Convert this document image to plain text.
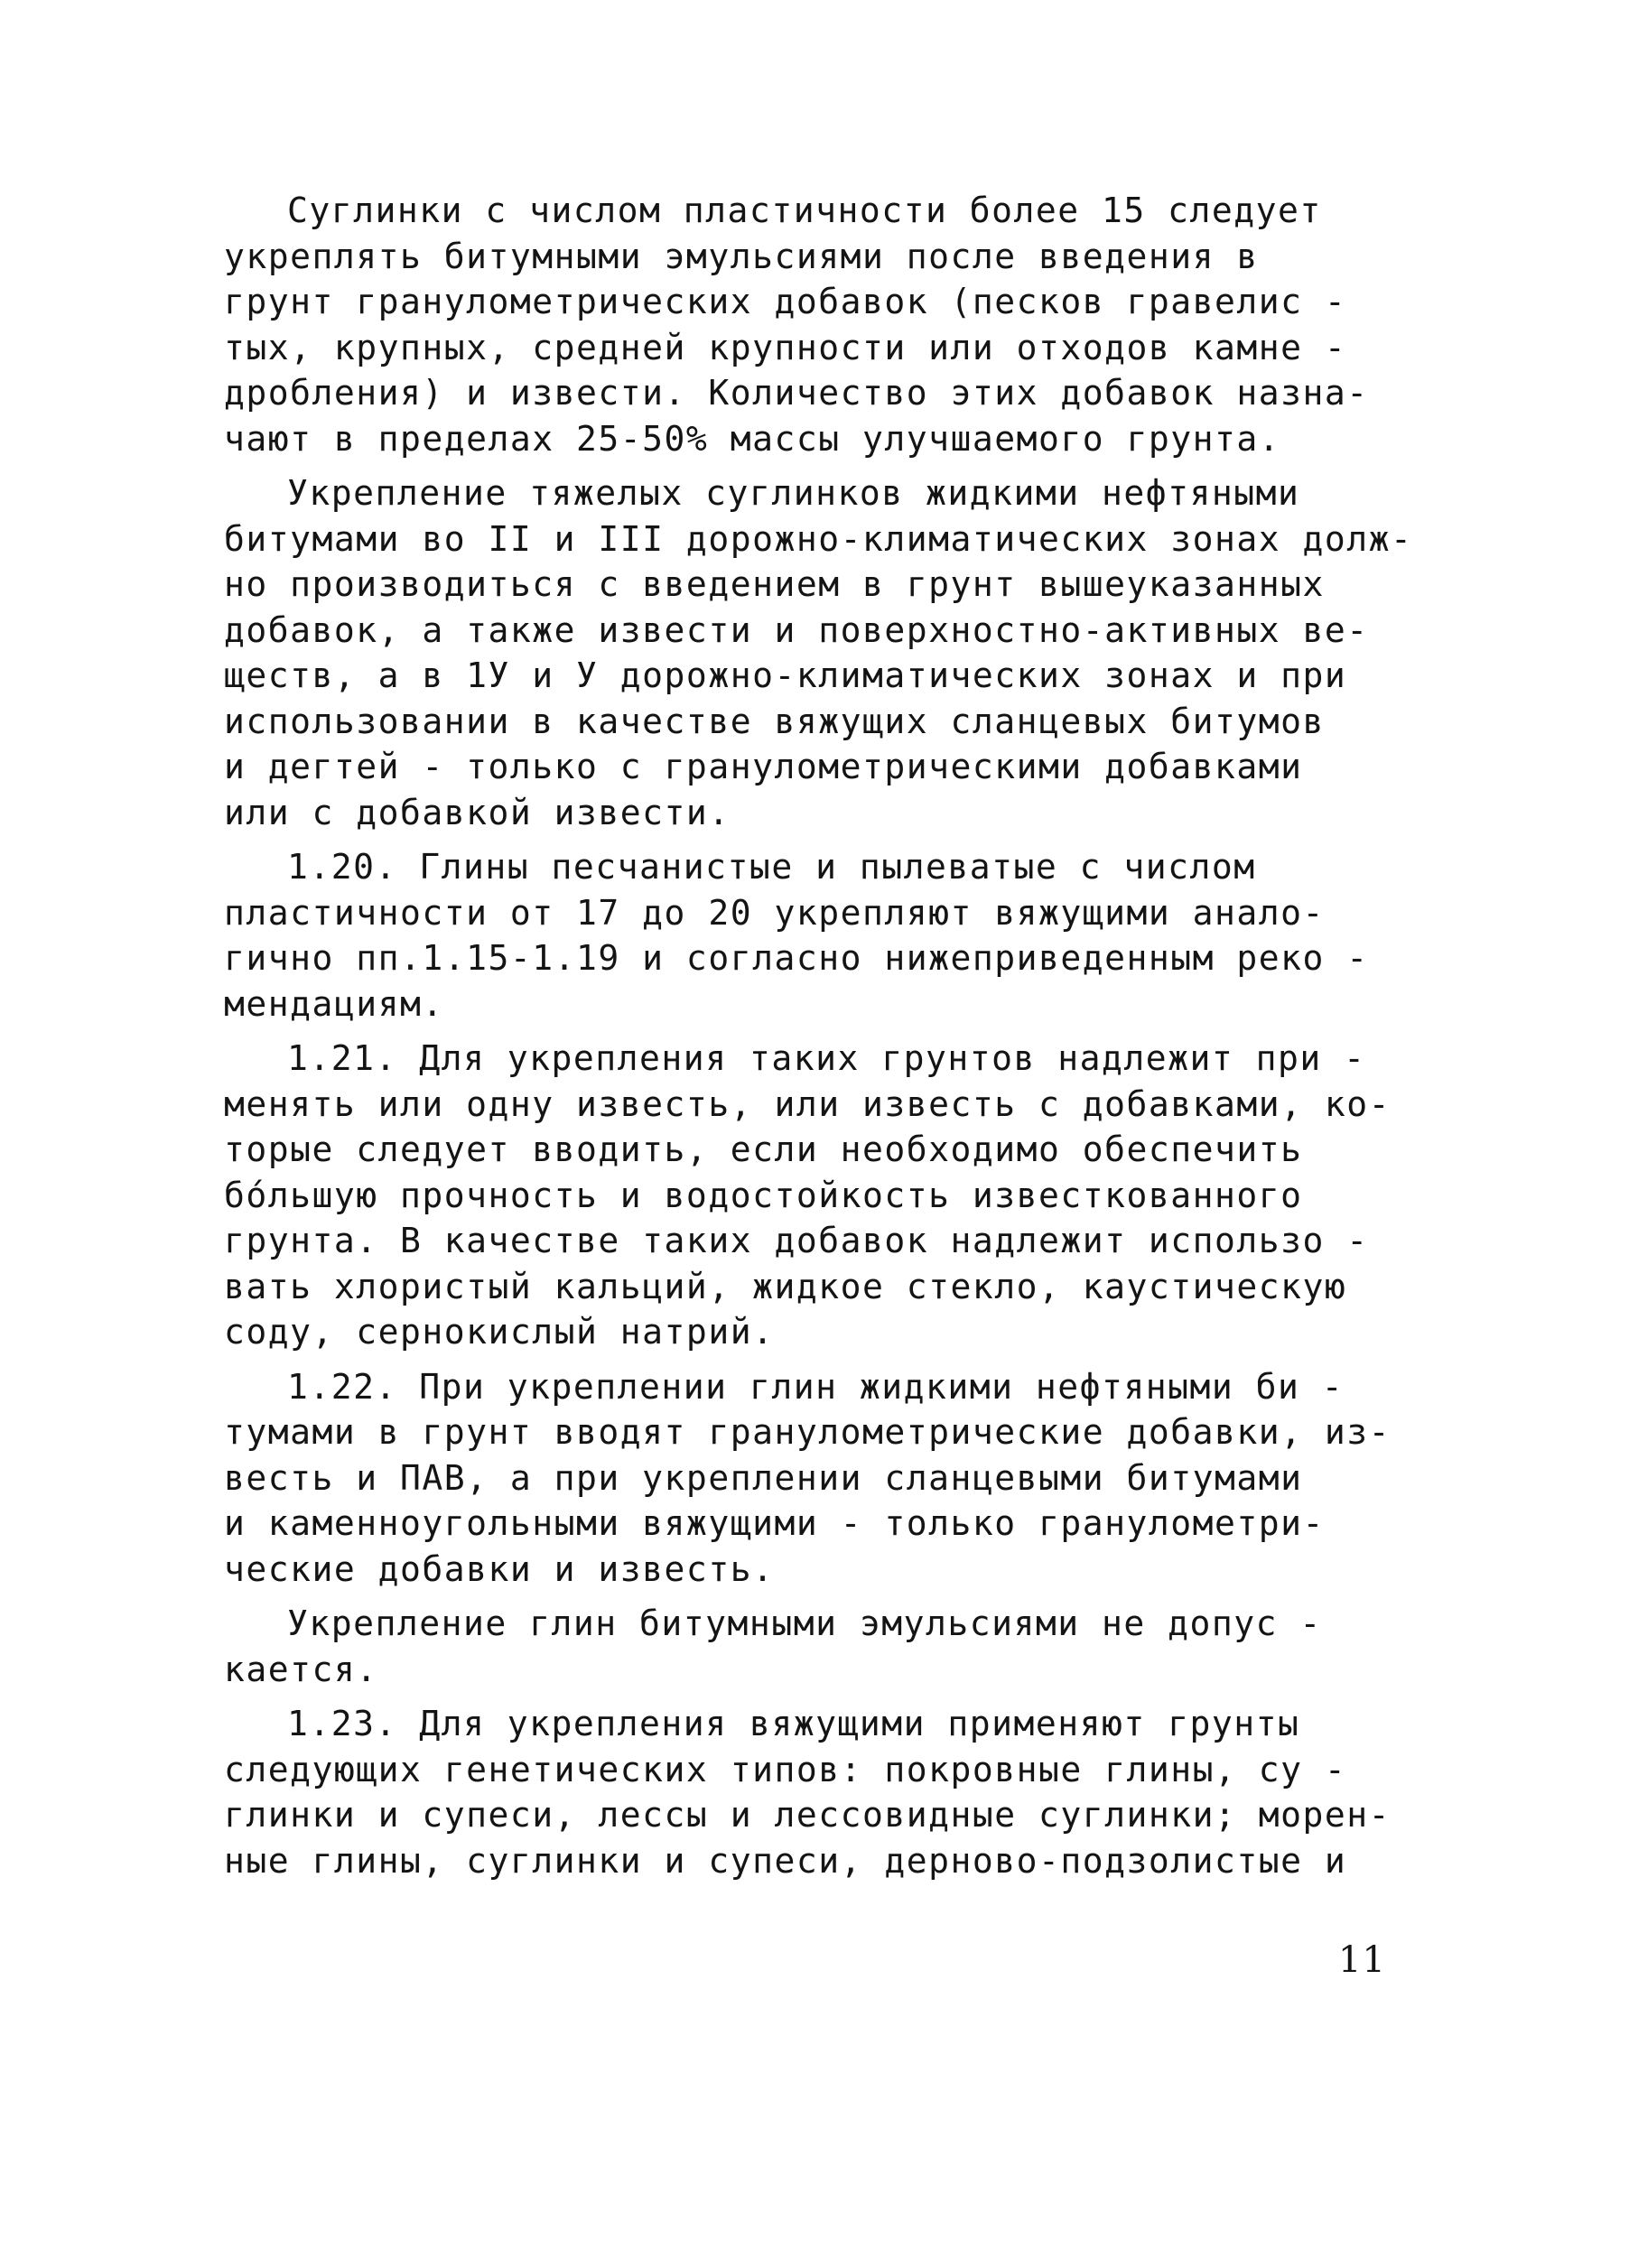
Суглинки с числом пластичности более 15 следует
укреплять битумными эмульсиями после введения в
грунт гранулометрических добавок (песков гравелис -
тых, крупных, средней крупности или отходов камне -
дробления) и извести. Количество этих добавок назна-
чают в пределах 25-50% массы улучшаемого грунта.
Укрепление тяжелых суглинков жидкими нефтяными
битумами во II и III дорожно-климатических зонах долж-
но производиться с введением в грунт вышеуказанных
добавок, а также извести и поверхностно-активных ве-
ществ, а в 1У и У дорожно-климатических зонах и при
использовании в качестве вяжущих сланцевых битумов
и дегтей - только с гранулометрическими добавками
или с добавкой извести.
1.20. Глины песчанистые и пылеватые с числом
пластичности от 17 до 20 укрепляют вяжущими анало-
гично пп.1.15-1.19 и согласно нижеприведенным реко -
мендациям.
1.21. Для укрепления таких грунтов надлежит при -
менять или одну известь, или известь с добавками, ко-
торые следует вводить, если необходимо обеспечить
бо́льшую прочность и водостойкость известкованного
грунта. В качестве таких добавок надлежит использо -
вать хлористый кальций, жидкое стекло, каустическую
соду, сернокислый натрий.
1.22. При укреплении глин жидкими нефтяными би -
тумами в грунт вводят гранулометрические добавки, из-
весть и ПАВ, а при укреплении сланцевыми битумами
и каменноугольными вяжущими - только гранулометри-
ческие добавки и известь.
Укрепление глин битумными эмульсиями не допус -
кается.
1.23. Для укрепления вяжущими применяют грунты
следующих генетических типов: покровные глины, су -
глинки и супеси, лессы и лессовидные суглинки; морен-
ные глины, суглинки и супеси, дерново-подзолистые и
11
